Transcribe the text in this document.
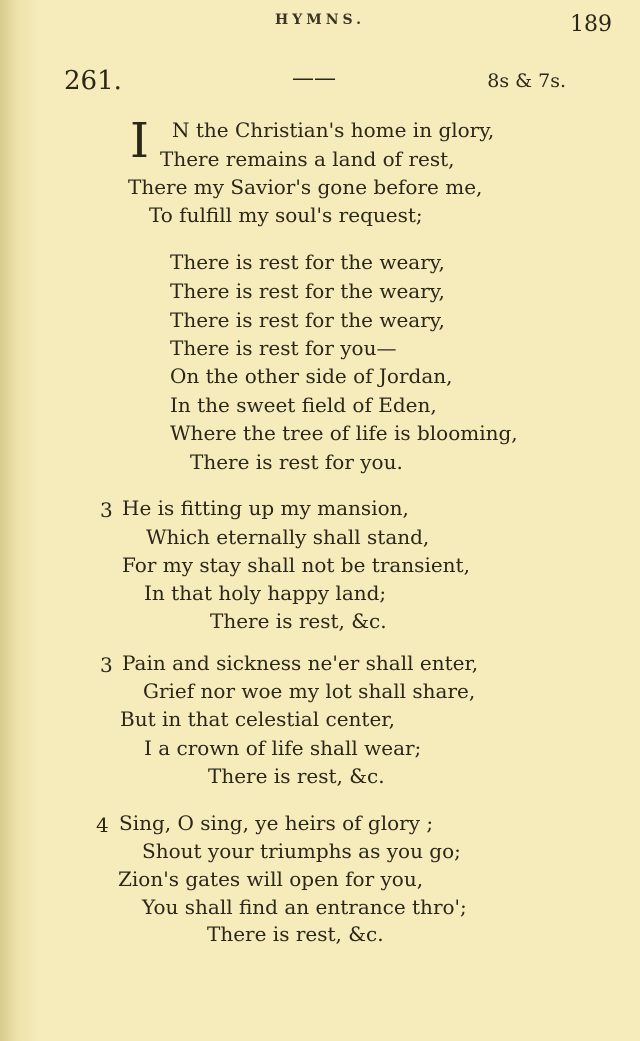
HYMNS.	189
261.	——	8s & 7s.
I N the Christian's home in glory,
There remains a land of rest,
There my Savior's gone before me,
To fulfill my soul's request;
There is rest for the weary,
There is rest for the weary,
There is rest for the weary,
There is rest for you—
On the other side of Jordan,
In the sweet field of Eden,
Where the tree of life is blooming,
There is rest for you.
3 He is fitting up my mansion,
Which eternally shall stand,
For my stay shall not be transient,
In that holy happy land;
There is rest, &c.
3 Pain and sickness ne'er shall enter,
Grief nor woe my lot shall share,
But in that celestial center,
I a crown of life shall wear;
There is rest, &c.
4 Sing, O sing, ye heirs of glory ;
Shout your triumphs as you go;
Zion's gates will open for you,
You shall find an entrance thro';
There is rest, &c.
